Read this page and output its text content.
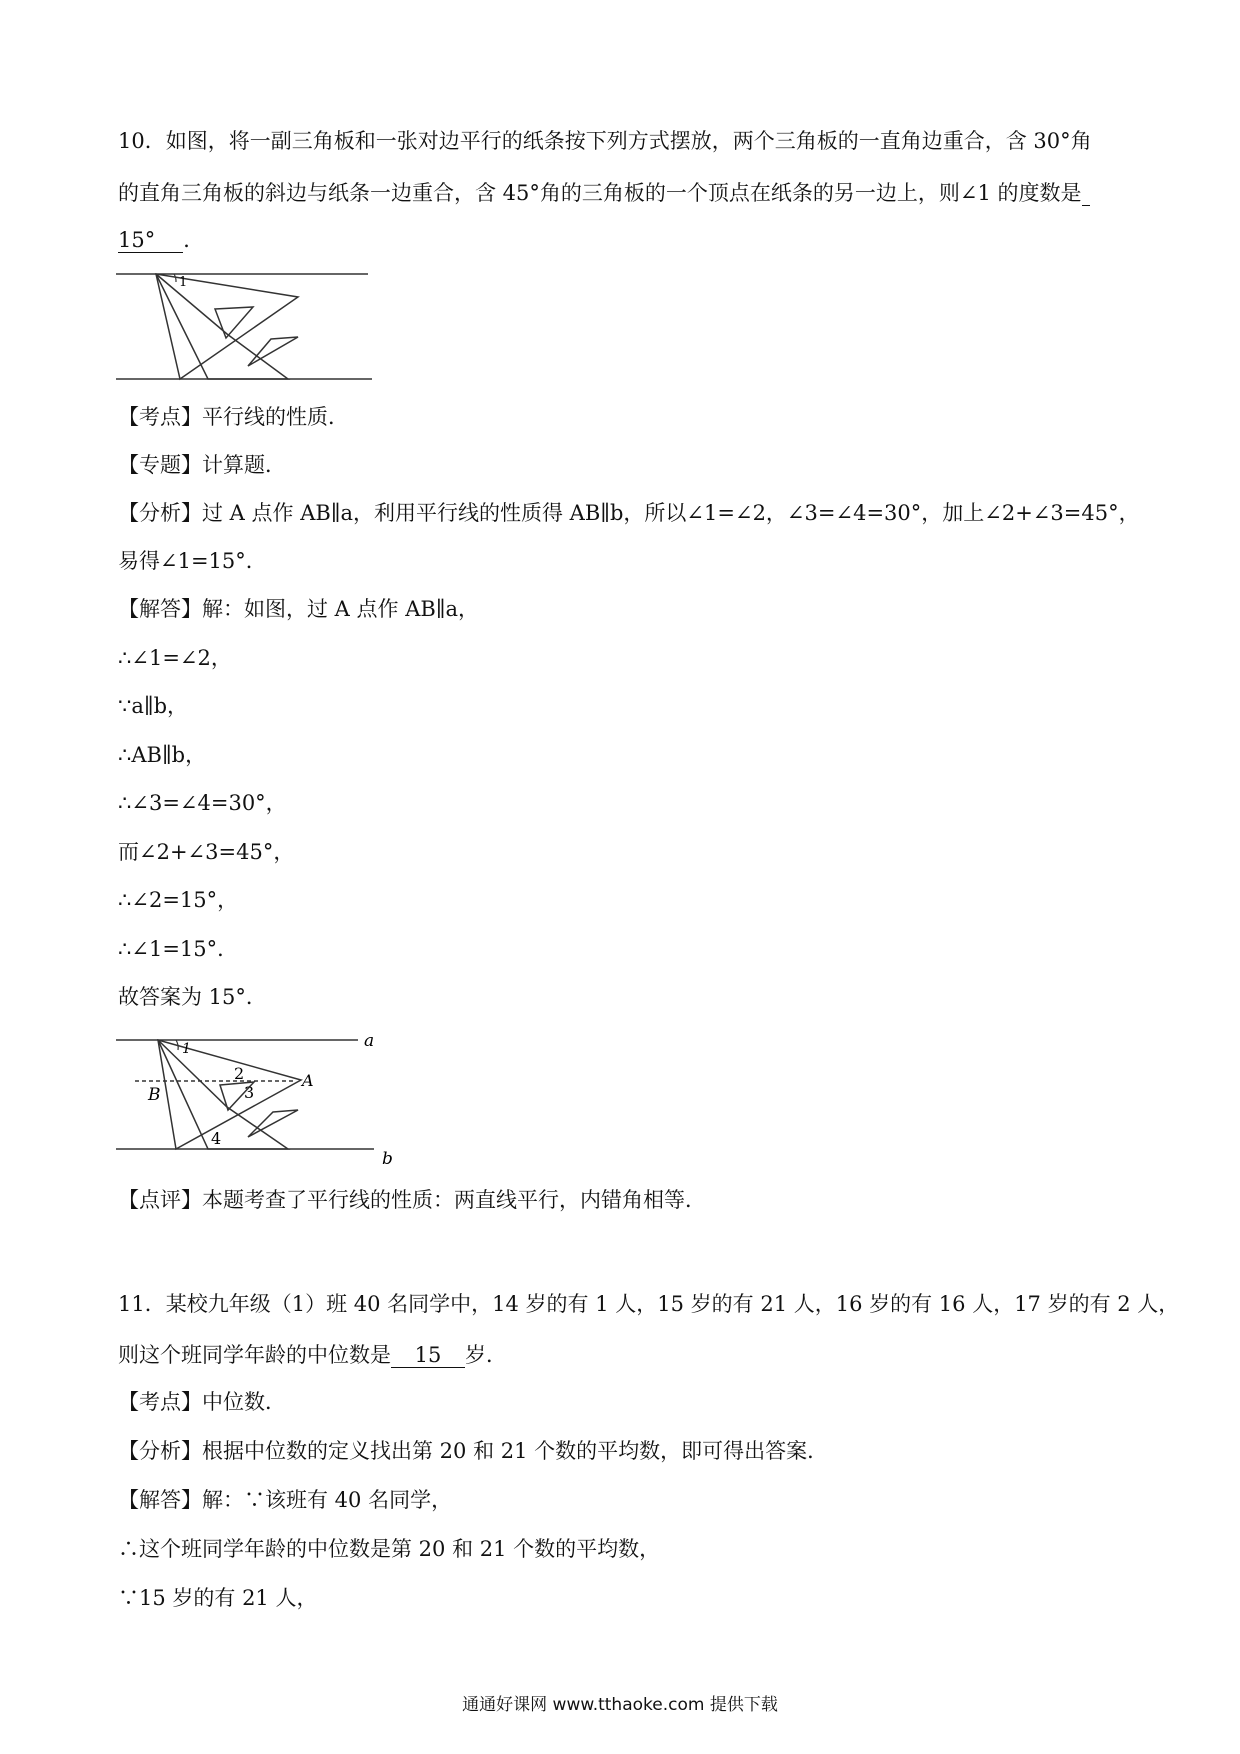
10．如图，将一副三角板和一张对边平行的纸条按下列方式摆放，两个三角板的一直角边重合，含 30°角
的直角三角板的斜边与纸条一边重合，含 45°角的三角板的一个顶点在纸条的另一边上，则∠1 的度数是
15° ．
1
【考点】平行线的性质．
【专题】计算题．
【分析】过 A 点作 AB∥a，利用平行线的性质得 AB∥b，所以∠1=∠2，∠3=∠4=30°，加上∠2+∠3=45°，
易得∠1=15°．
【解答】解：如图，过 A 点作 AB∥a，
∴∠1=∠2，
∵a∥b，
∴AB∥b，
∴∠3=∠4=30°，
而∠2+∠3=45°，
∴∠2=15°，
∴∠1=15°．
故答案为 15°．
1
2
3
4
A
B
a
b
【点评】本题考查了平行线的性质：两直线平行，内错角相等．
11．某校九年级（1）班 40 名同学中，14 岁的有 1 人，15 岁的有 21 人，16 岁的有 16 人，17 岁的有 2 人，
则这个班同学年龄的中位数是 15 岁．
【考点】中位数．
【分析】根据中位数的定义找出第 20 和 21 个数的平均数，即可得出答案．
【解答】解：∵该班有 40 名同学，
∴这个班同学年龄的中位数是第 20 和 21 个数的平均数，
∵15 岁的有 21 人，
通通好课网 www.tthaoke.com 提供下载
